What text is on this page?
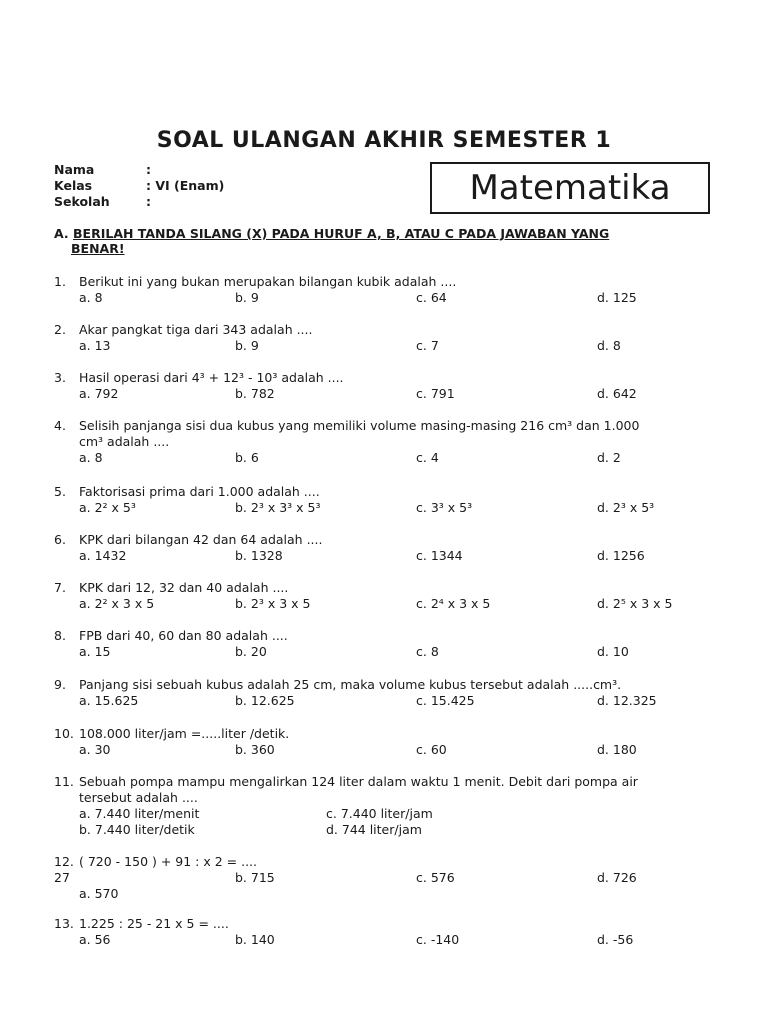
SOAL ULANGAN AKHIR SEMESTER 1
Nama	:
Kelas	: VI (Enam)
Sekolah	:	Matematika
A. BERILAH TANDA SILANG (X) PADA HURUF A, B, ATAU C PADA JAWABAN YANG
BENAR!
1.	Berikut ini yang bukan merupakan bilangan kubik adalah ....
a. 8	b. 9	c. 64	d. 125
2.	Akar pangkat tiga dari 343 adalah ....
a. 13	b. 9	c. 7	d. 8
3.	Hasil operasi dari 4³ + 12³ - 10³ adalah ....
a. 792	b. 782	c. 791	d. 642
4.	Selisih panjanga sisi dua kubus yang memiliki volume masing-masing 216 cm³ dan 1.000
cm³ adalah ....
a. 8	b. 6	c. 4	d. 2
5.	Faktorisasi prima dari 1.000 adalah ....
a. 2² x 5³	b. 2³ x 3³ x 5³	c. 3³ x 5³	d. 2³ x 5³
6.	KPK dari bilangan 42 dan 64 adalah ....
a. 1432	b. 1328	c. 1344	d. 1256
7.	KPK dari 12, 32 dan 40 adalah ....
a. 2² x 3 x 5	b. 2³ x 3 x 5	c. 2⁴ x 3 x 5	d. 2⁵ x 3 x 5
8.	FPB dari 40, 60 dan 80 adalah ....
a. 15	b. 20	c. 8	d. 10
9.	Panjang sisi sebuah kubus adalah 25 cm, maka volume kubus tersebut adalah .....cm³.
a. 15.625	b. 12.625	c. 15.425	d. 12.325
10. 108.000 liter/jam =.....liter /detik.
a. 30	b. 360	c. 60	d. 180
11. Sebuah pompa mampu mengalirkan 124 liter dalam waktu 1 menit. Debit dari pompa air
tersebut adalah ....
a. 7.440 liter/menit	c. 7.440 liter/jam
b. 7.440 liter/detik	d. 744 liter/jam
12. ( 720 - 150 ) + 91 : x 2 = ....
27	b. 715	c. 576	d. 726
a. 570
13. 1.225 : 25 - 21 x 5 = ....
a. 56	b. 140	c. -140	d. -56
